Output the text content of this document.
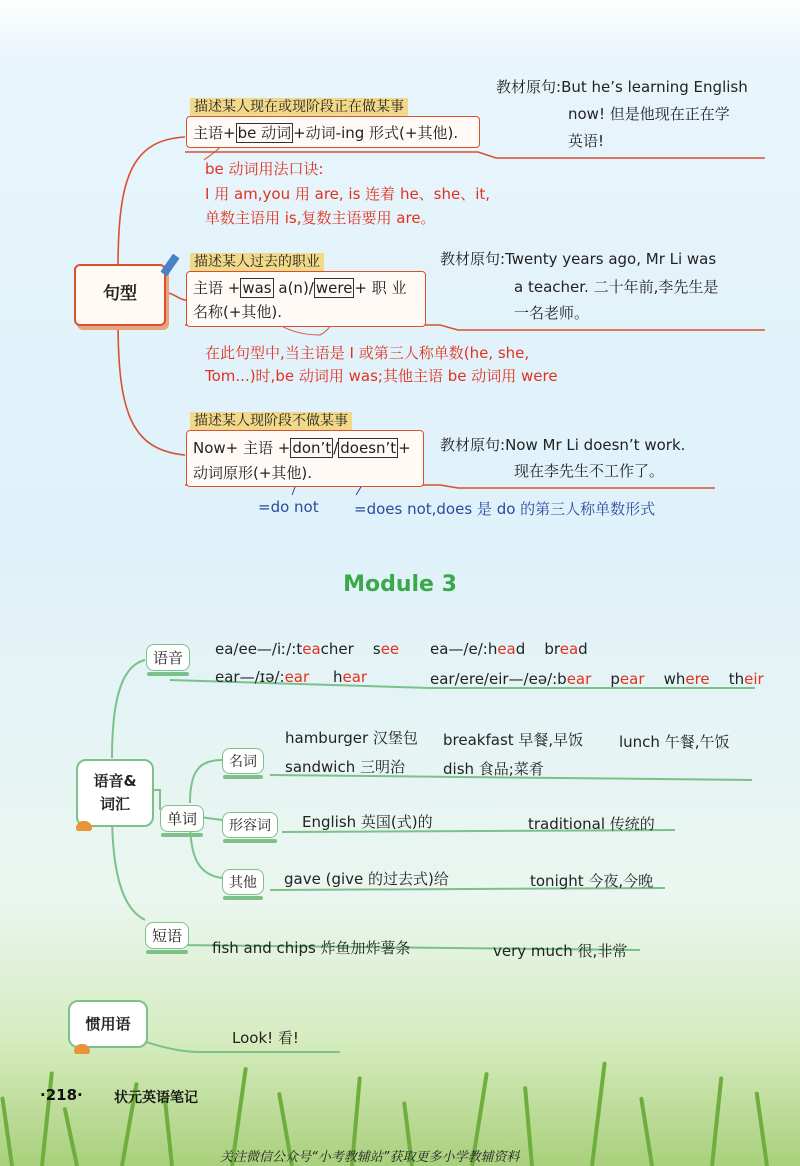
句型
描述某人现在或现阶段正在做某事
主语+ be 动词 +动词-ing 形式(+其他).
教材原句:But he’s learning English
now! 但是他现在正在学
英语!
be 动词用法口诀:
I 用 am,you 用 are, is 连着 he、she、it,
单数主语用 is,复数主语要用 are。
描述某人过去的职业
主语 + was a(n)/ were + 职 业
名称(+其他).
教材原句:Twenty years ago, Mr Li was
a teacher. 二十年前,李先生是
一名老师。
在此句型中,当主语是 I 或第三人称单数(he, she,
Tom...)时,be 动词用 was;其他主语 be 动词用 were
描述某人现阶段不做某事
Now+ 主语 + don’t / doesn’t +
动词原形(+其他).
教材原句:Now Mr Li doesn’t work.
现在李先生不工作了。
=do not =does not,does 是 do 的第三人称单数形式
Module 3
语音&
词汇
语音	ea/ee—/iː/:teacher see ea—/e/:head bread
ear—/ɪə/:ear hear	ear/ere/eir—/eə/:bear pear where their
单词
名词
hamburger 汉堡包 breakfast 早餐,早饭 lunch 午餐,午饭
sandwich 三明治	dish 食品;菜肴
形容词	English 英国(式)的	traditional 传统的
其他	gave (give 的过去式)给	tonight 今夜,今晚
短语
fish and chips 炸鱼加炸薯条	very much 很,非常
惯用语
Look! 看!
·218· 状元英语笔记
关注微信公众号“小考教辅站”获取更多小学教辅资料
